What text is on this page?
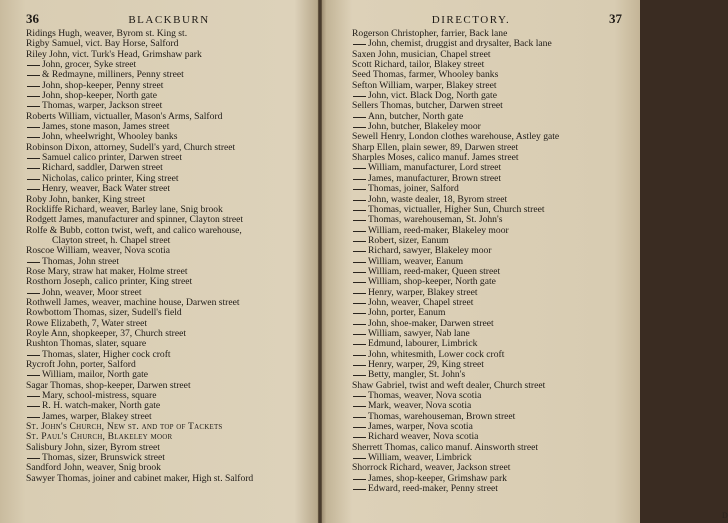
36	BLACKBURN
Ridings Hugh, weaver, Byrom st. King st.
Rigby Samuel, vict. Bay Horse, Salford
Riley John, vict. Turk's Head, Grimshaw park
John, grocer, Syke street
& Redmayne, milliners, Penny street
John, shop-keeper, Penny street
John, shop-keeper, North gate
Thomas, warper, Jackson street
Roberts William, victualler, Mason's Arms, Salford
James, stone mason, James street
John, wheelwright, Whooley banks
Robinson Dixon, attorney, Sudell's yard, Church street
Samuel calico printer, Darwen street
Richard, saddler, Darwen street
Nicholas, calico printer, King street
Henry, weaver, Back Water street
Roby John, banker, King street
Rockliffe Richard, weaver, Barley lane, Snig brook
Rodgett James, manufacturer and spinner, Clayton street
Rolfe & Bubb, cotton twist, weft, and calico warehouse,
Clayton street, h. Chapel street
Roscoe William, weaver, Nova scotia
Thomas, John street
Rose Mary, straw hat maker, Holme street
Rosthorn Joseph, calico printer, King street
John, weaver, Moor street
Rothwell James, weaver, machine house, Darwen street
Rowbottom Thomas, sizer, Sudell's field
Rowe Elizabeth, 7, Water street
Royle Ann, shopkeeper, 37, Church street
Rushton Thomas, slater, square
Thomas, slater, Higher cock croft
Rycroft John, porter, Salford
William, mailor, North gate
Sagar Thomas, shop-keeper, Darwen street
Mary, school-mistress, square
R. H. watch-maker, North gate
James, warper, Blakey street
St. John's Church, New st. and top of Tackets
St. Paul's Church, Blakeley moor
Salisbury John, sizer, Byrom street
Thomas, sizer, Brunswick street
Sandford John, weaver, Snig brook
Sawyer Thomas, joiner and cabinet maker, High st. Salford
DIRECTORY.	37
Rogerson Christopher, farrier, Back lane
John, chemist, druggist and drysalter, Back lane
Saxen John, musician, Chapel street
Scott Richard, tailor, Blakey street
Seed Thomas, farmer, Whooley banks
Sefton William, warper, Blakey street
John, vict. Black Dog, North gate
Sellers Thomas, butcher, Darwen street
Ann, butcher, North gate
John, butcher, Blakeley moor
Sewell Henry, London clothes warehouse, Astley gate
Sharp Ellen, plain sewer, 89, Darwen street
Sharples Moses, calico manuf. James street
William, manufacturer, Lord street
James, manufacturer, Brown street
Thomas, joiner, Salford
John, waste dealer, 18, Byrom street
Thomas, victualler, Higher Sun, Church street
Thomas, warehouseman, St. John's
William, reed-maker, Blakeley moor
Robert, sizer, Eanum
Richard, sawyer, Blakeley moor
William, weaver, Eanum
William, reed-maker, Queen street
William, shop-keeper, North gate
Henry, warper, Blakey street
John, weaver, Chapel street
John, porter, Eanum
John, shoe-maker, Darwen street
William, sawyer, Nab lane
Edmund, labourer, Limbrick
John, whitesmith, Lower cock croft
Henry, warper, 29, King street
Betty, mangler, St. John's
Shaw Gabriel, twist and weft dealer, Church street
Thomas, weaver, Nova scotia
Mark, weaver, Nova scotia
Thomas, warehouseman, Brown street
James, warper, Nova scotia
Richard weaver, Nova scotia
Sherrett Thomas, calico manuf. Ainsworth street
William, weaver, Limbrick
Shorrock Richard, weaver, Jackson street
James, shop-keeper, Grimshaw park
Edward, reed-maker, Penny street
D
